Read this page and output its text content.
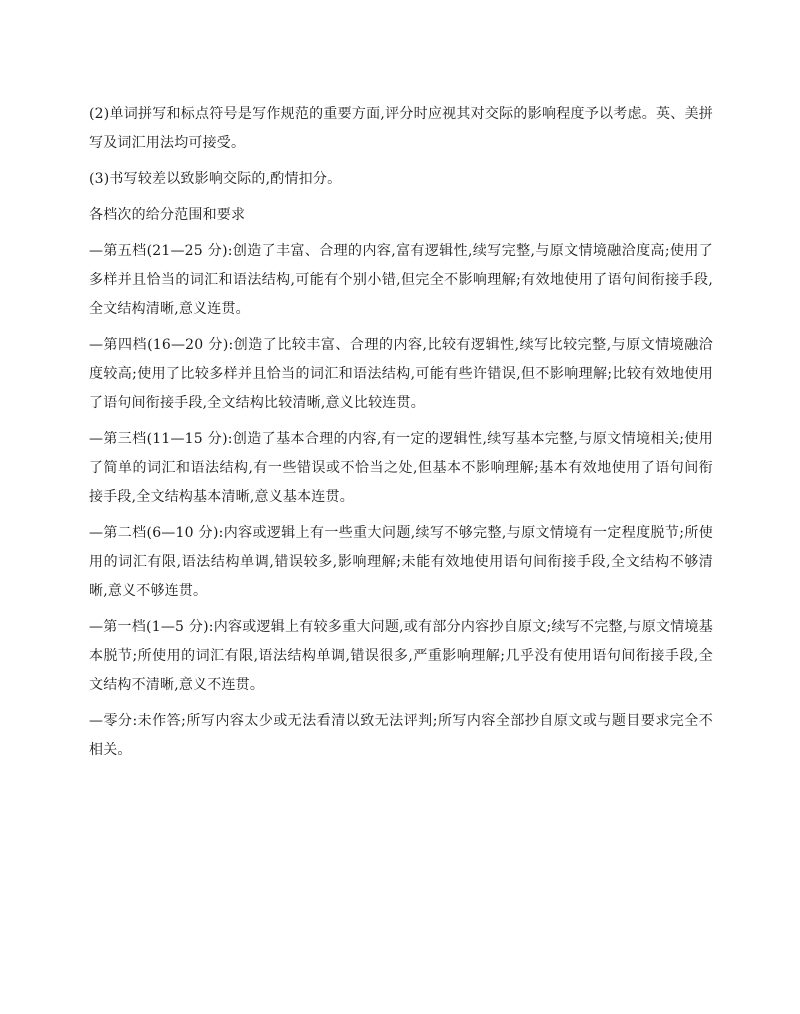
(2)单词拼写和标点符号是写作规范的重要方面,评分时应视其对交际的影响程度予以考虑。英、美拼写及词汇用法均可接受。

(3)书写较差以致影响交际的,酌情扣分。

各档次的给分范围和要求

—第五档(21—25 分):创造了丰富、合理的内容,富有逻辑性,续写完整,与原文情境融洽度高;使用了多样并且恰当的词汇和语法结构,可能有个别小错,但完全不影响理解;有效地使用了语句间衔接手段,全文结构清晰,意义连贯。

—第四档(16—20 分):创造了比较丰富、合理的内容,比较有逻辑性,续写比较完整,与原文情境融洽度较高;使用了比较多样并且恰当的词汇和语法结构,可能有些许错误,但不影响理解;比较有效地使用了语句间衔接手段,全文结构比较清晰,意义比较连贯。

—第三档(11—15 分):创造了基本合理的内容,有一定的逻辑性,续写基本完整,与原文情境相关;使用了简单的词汇和语法结构,有一些错误或不恰当之处,但基本不影响理解;基本有效地使用了语句间衔接手段,全文结构基本清晰,意义基本连贯。

—第二档(6—10 分):内容或逻辑上有一些重大问题,续写不够完整,与原文情境有一定程度脱节;所使用的词汇有限,语法结构单调,错误较多,影响理解;未能有效地使用语句间衔接手段,全文结构不够清晰,意义不够连贯。

—第一档(1—5 分):内容或逻辑上有较多重大问题,或有部分内容抄自原文;续写不完整,与原文情境基本脱节;所使用的词汇有限,语法结构单调,错误很多,严重影响理解;几乎没有使用语句间衔接手段,全文结构不清晰,意义不连贯。

—零分:未作答;所写内容太少或无法看清以致无法评判;所写内容全部抄自原文或与题目要求完全不相关。
